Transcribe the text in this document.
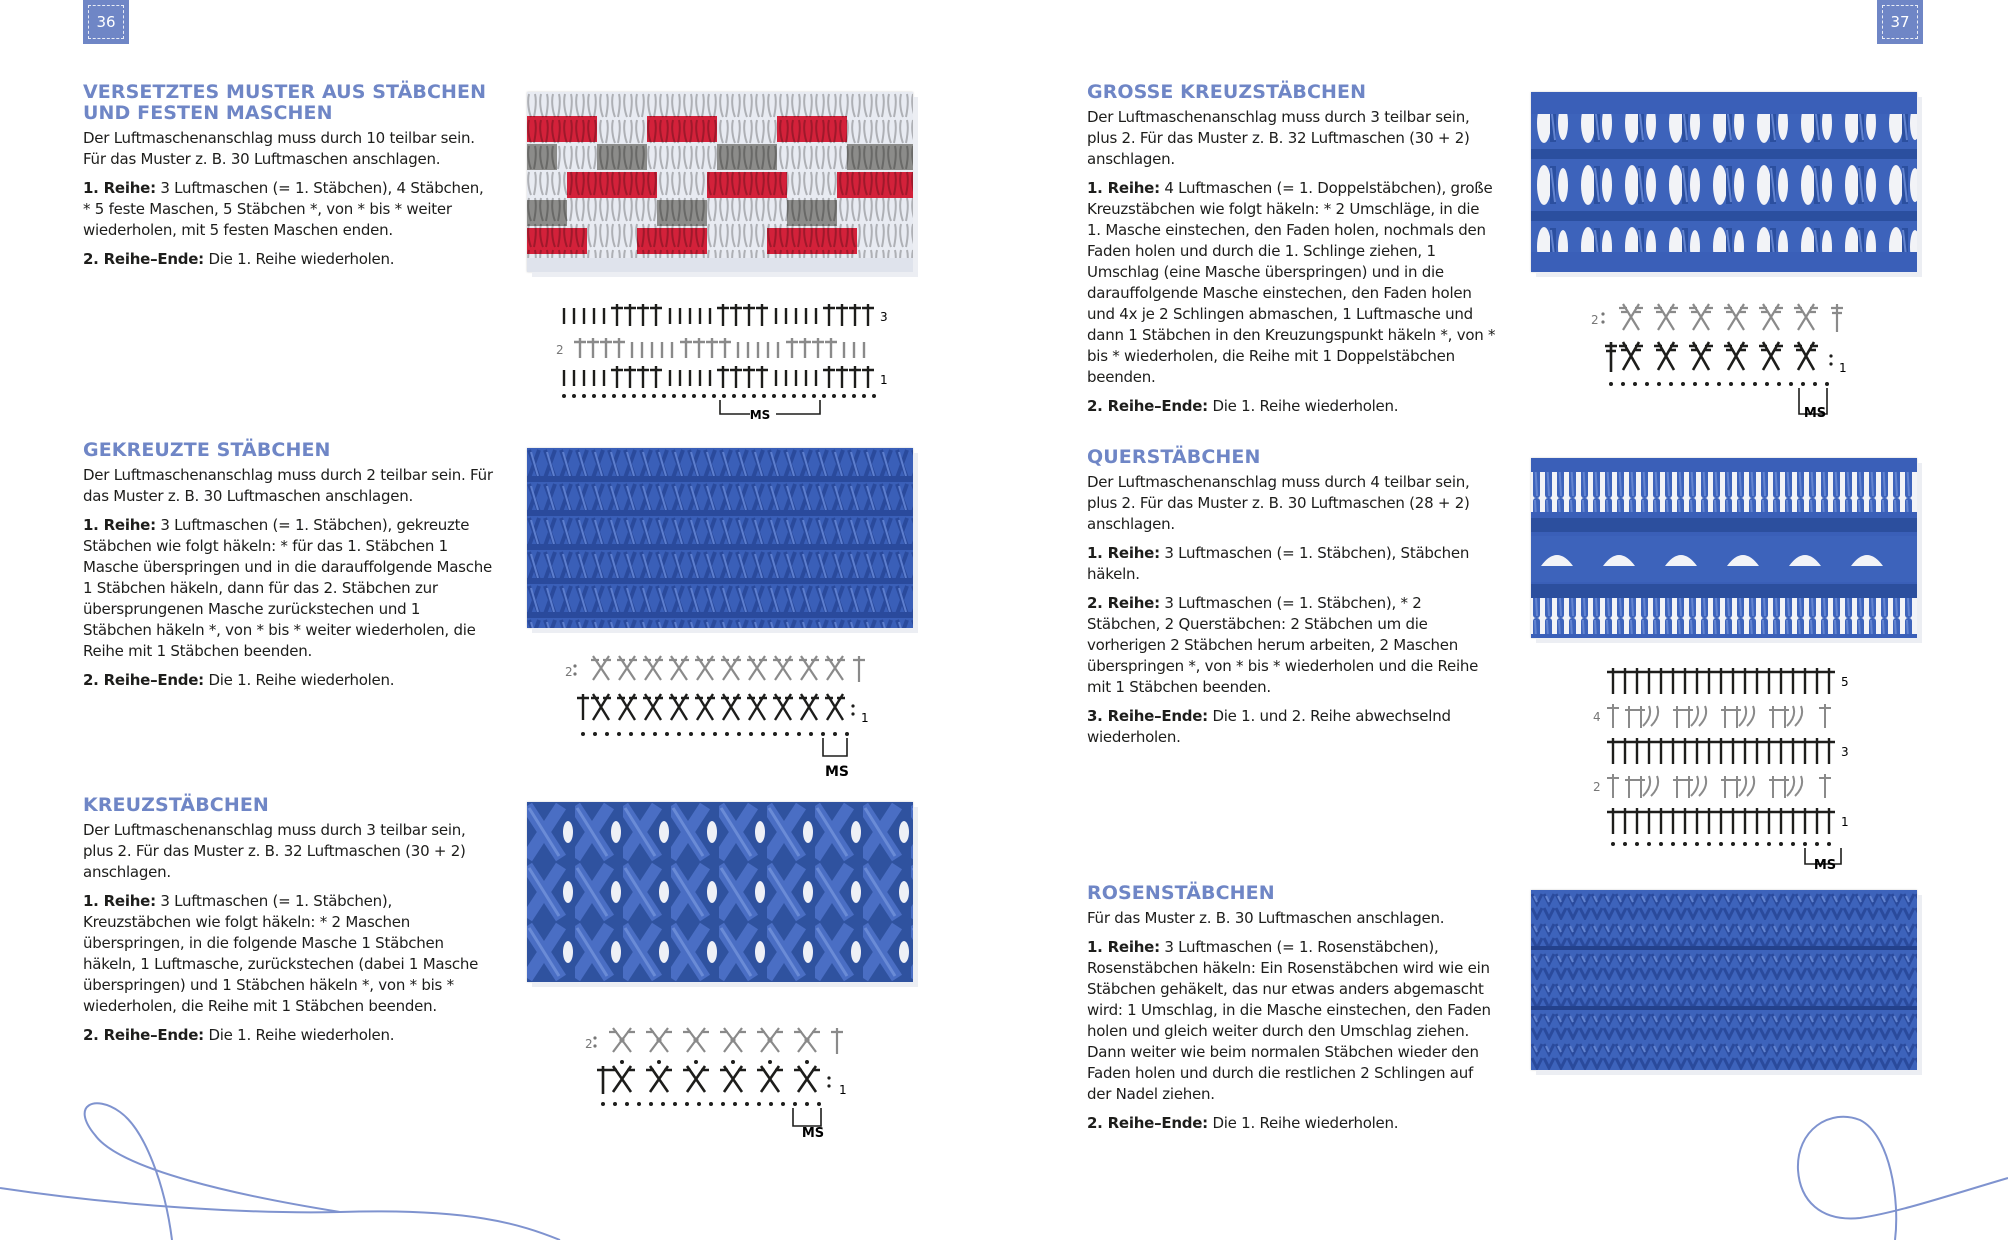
36	37
VERSETZTES MUSTER AUS STÄBCHEN UND FESTEN MASCHEN

Der Luftmaschenanschlag muss durch 10 teilbar sein. Für das Muster z. B. 30 Luftmaschen anschlagen.

1. Reihe: 3 Luftmaschen (= 1. Stäbchen), 4 Stäbchen, * 5 feste Maschen, 5 Stäbchen *, von * bis * weiter wiederholen, mit 5 festen Maschen enden.

2. Reihe–Ende: Die 1. Reihe wiederholen.

MS
3
2
1
GEKREUZTE STÄBCHEN

Der Luftmaschenanschlag muss durch 2 teilbar sein. Für das Muster z. B. 30 Luftmaschen anschlagen.

1. Reihe: 3 Luftmaschen (= 1. Stäbchen), gekreuzte Stäbchen wie folgt häkeln: * für das 1. Stäbchen 1 Masche überspringen und in die darauffolgende Masche 1 Stäbchen häkeln, dann für das 2. Stäbchen zur übersprungenen Masche zurückstechen und 1 Stäbchen häkeln *, von * bis * weiter wiederholen, die Reihe mit 1 Stäbchen beenden.

2. Reihe–Ende: Die 1. Reihe wiederholen.

MS
2
1
KREUZSTÄBCHEN

Der Luftmaschenanschlag muss durch 3 teilbar sein, plus 2. Für das Muster z. B. 32 Luftmaschen (30 + 2) anschlagen.

1. Reihe: 3 Luftmaschen (= 1. Stäbchen), Kreuzstäbchen wie folgt häkeln: * 2 Maschen überspringen, in die folgende Masche 1 Stäbchen häkeln, 1 Luftmasche, zurückstechen (dabei 1 Masche überspringen) und 1 Stäbchen häkeln *, von * bis * wiederholen, die Reihe mit 1 Stäbchen beenden.

2. Reihe–Ende: Die 1. Reihe wiederholen.

MS
2
1
GROSSE KREUZSTÄBCHEN

Der Luftmaschenanschlag muss durch 3 teilbar sein, plus 2. Für das Muster z. B. 32 Luftmaschen (30 + 2) anschlagen.

1. Reihe: 4 Luftmaschen (= 1. Doppelstäbchen), große Kreuzstäbchen wie folgt häkeln: * 2 Umschläge, in die 1. Masche einstechen, den Faden holen, nochmals den Faden holen und durch die 1. Schlinge ziehen, 1 Umschlag (eine Masche überspringen) und in die darauffolgende Masche einstechen, den Faden holen und 4x je 2 Schlingen abmaschen, 1 Luftmasche und dann 1 Stäbchen in den Kreuzungspunkt häkeln *, von * bis * wiederholen, die Reihe mit 1 Doppelstäbchen beenden.

2. Reihe–Ende: Die 1. Reihe wiederholen.	MS
2
1
QUERSTÄBCHEN

Der Luftmaschenanschlag muss durch 4 teilbar sein, plus 2. Für das Muster z. B. 30 Luftmaschen (28 + 2) anschlagen.

1. Reihe: 3 Luftmaschen (= 1. Stäbchen), Stäbchen häkeln.

2. Reihe: 3 Luftmaschen (= 1. Stäbchen), * 2 Stäbchen, 2 Querstäbchen: 2 Stäbchen um die vorherigen 2 Stäbchen herum arbeiten, 2 Maschen überspringen *, von * bis * wiederholen und die Reihe mit 1 Stäbchen beenden.

3. Reihe–Ende: Die 1. und 2. Reihe abwechselnd wiederholen.

MS
5
4
3
2
1
ROSENSTÄBCHEN

Für das Muster z. B. 30 Luftmaschen anschlagen.

1. Reihe: 3 Luftmaschen (= 1. Rosenstäbchen), Rosenstäbchen häkeln: Ein Rosenstäbchen wird wie ein Stäbchen gehäkelt, das nur etwas anders abgemascht wird: 1 Umschlag, in die Masche einstechen, den Faden holen und gleich weiter durch den Umschlag ziehen. Dann weiter wie beim normalen Stäbchen wieder den Faden holen und durch die restlichen 2 Schlingen auf der Nadel ziehen.

2. Reihe–Ende: Die 1. Reihe wiederholen.
